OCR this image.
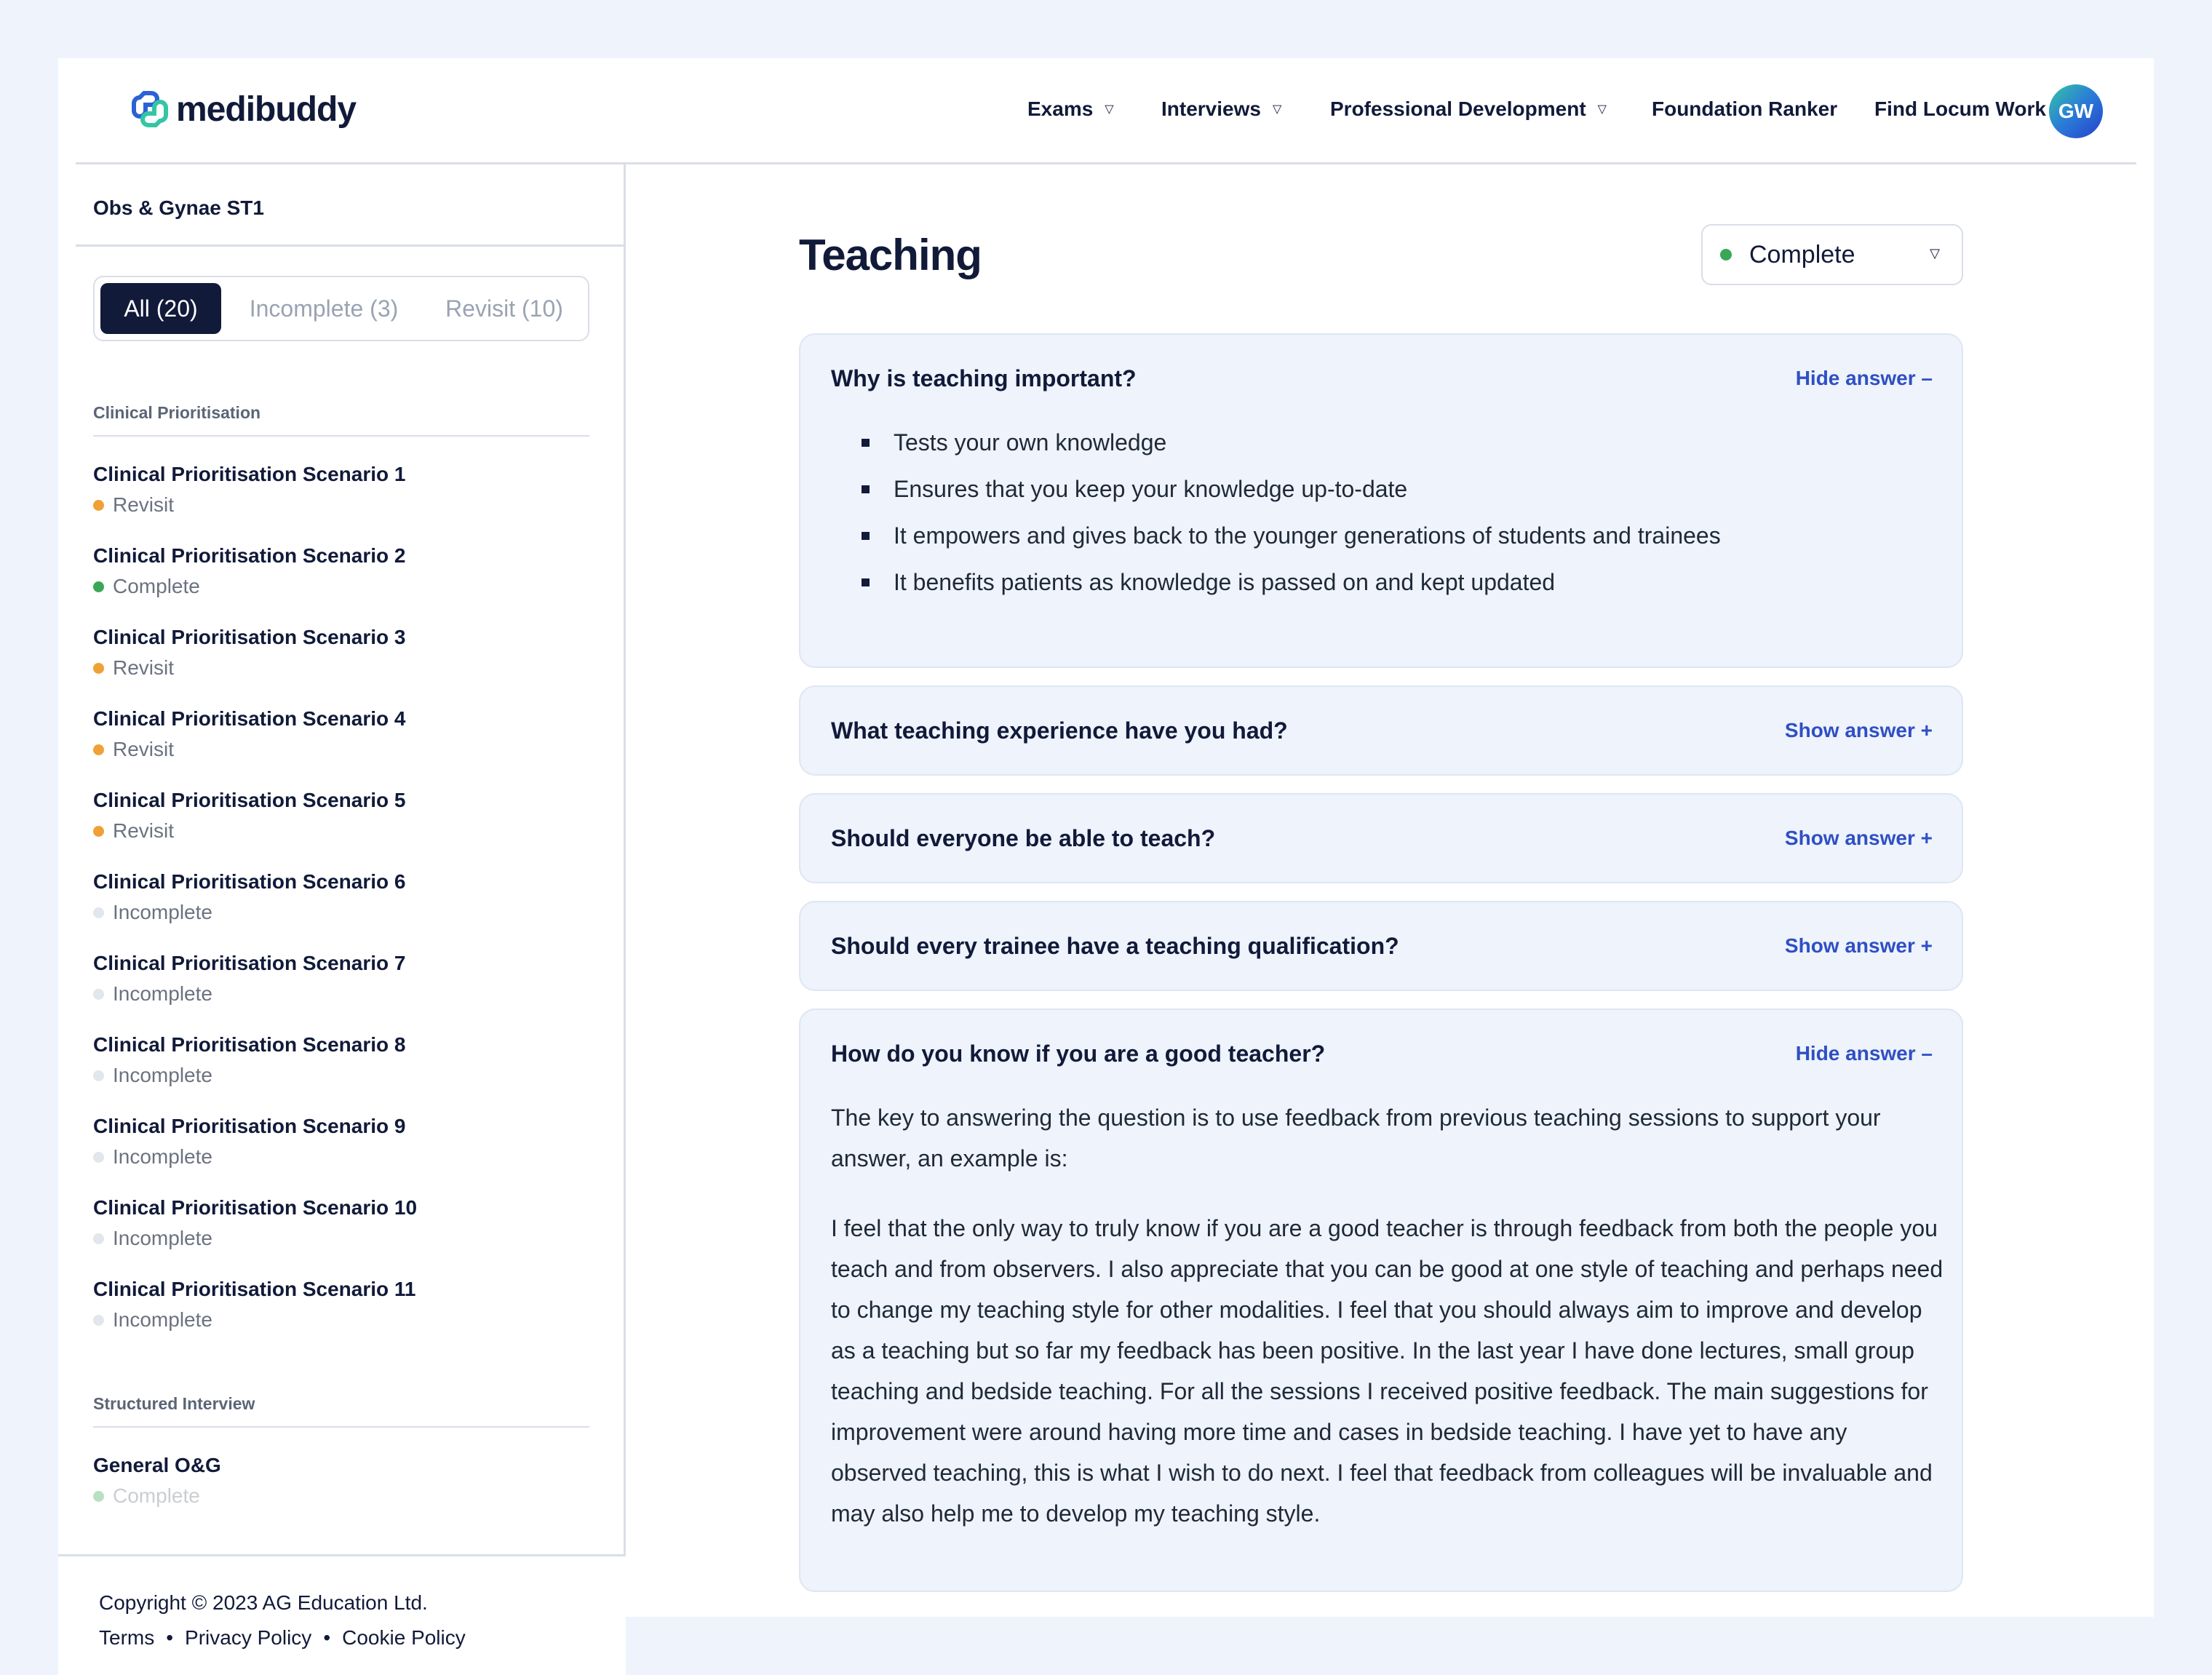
medibuddy	Exams ▽ Interviews ▽ Professional Development ▽ Foundation Ranker Find Locum Work GW
Obs & Gynae ST1
All (20)	Incomplete (3)	Revisit (10)
Clinical Prioritisation
Clinical Prioritisation Scenario 1
Revisit
Clinical Prioritisation Scenario 2
Complete
Clinical Prioritisation Scenario 3
Revisit
Clinical Prioritisation Scenario 4
Revisit
Clinical Prioritisation Scenario 5
Revisit
Clinical Prioritisation Scenario 6
Incomplete
Clinical Prioritisation Scenario 7
Incomplete
Clinical Prioritisation Scenario 8
Incomplete
Clinical Prioritisation Scenario 9
Incomplete
Clinical Prioritisation Scenario 10
Incomplete
Clinical Prioritisation Scenario 11
Incomplete
Structured Interview
General O&G
Complete
Copyright © 2023 AG Education Ltd.
Terms • Privacy Policy • Cookie Policy
Teaching	Complete	▽
Why is teaching important?	Hide answer –
Tests your own knowledge
Ensures that you keep your knowledge up-to-date
It empowers and gives back to the younger generations of students and trainees
It benefits patients as knowledge is passed on and kept updated
What teaching experience have you had?	Show answer +
Should everyone be able to teach?	Show answer +
Should every trainee have a teaching qualification?	Show answer +
How do you know if you are a good teacher?	Hide answer –

The key to answering the question is to use feedback from previous teaching sessions to support your answer, an example is:

I feel that the only way to truly know if you are a good teacher is through feedback from both the people you teach and from observers. I also appreciate that you can be good at one style of teaching and perhaps need to change my teaching style for other modalities. I feel that you should always aim to improve and develop as a teaching but so far my feedback has been positive. In the last year I have done lectures, small group teaching and bedside teaching. For all the sessions I received positive feedback. The main suggestions for improvement were around having more time and cases in bedside teaching. I have yet to have any observed teaching, this is what I wish to do next. I feel that feedback from colleagues will be invaluable and may also help me to develop my teaching style.
